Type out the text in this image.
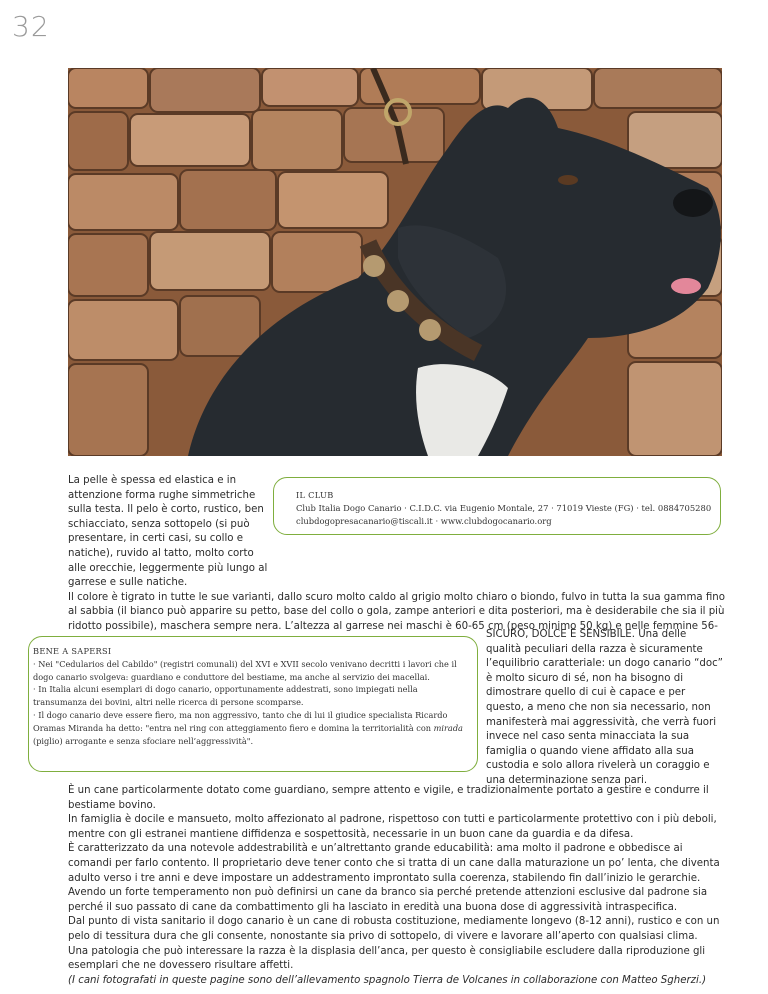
32

La pelle è spessa ed elastica e in attenzione forma rughe simmetriche sulla testa. Il pelo è corto, rustico, ben schiacciato, senza sottopelo (si può presentare, in certi casi, su collo e natiche), ruvido al tatto, molto corto alle orecchie, leggermente più lungo al garrese e sulle natiche.
Il colore è tigrato in tutte le sue varianti, dallo scuro molto caldo al grigio molto chiaro o biondo, fulvo in tutta la sua gamma fino al sabbia (il bianco può apparire su petto, base del collo o gola, zampe anteriori e dita posteriori, ma è desiderabile che sia il più ridotto possibile), maschera sempre nera. L’altezza al garrese nei maschi è 60-65 cm (peso minimo 50 kg) e nelle femmine 56-

IL CLUB
Club Italia Dogo Canario · C.I.D.C. via Eugenio Montale, 27 · 71019 Vieste (FG) · tel. 0884705280
clubdogopresacanario@tiscali.it · www.clubdogocanario.org

BENE A SAPERSI

· Nei "Cedularios del Cabildo" (registri comunali) del XVI e XVII secolo venivano decritti i lavori che il dogo canario svolgeva: guardiano e conduttore del bestiame, ma anche al servizio dei macellai.

· In Italia alcuni esemplari di dogo canario, opportunamente addestrati, sono impiegati nella transumanza dei bovini, altri nelle ricerca di persone scomparse.

· Il dogo canario deve essere fiero, ma non aggressivo, tanto che di lui il giudice specialista Ricardo Oramas Miranda ha detto: "entra nel ring con atteggiamento fiero e domina la territorialità con mirada (piglio) arrogante e senza sfociare nell’aggressività".

SICURO, DOLCE E SENSIBILE. Una delle qualità peculiari della razza è sicuramente l’equilibrio caratteriale: un dogo canario “doc” è molto sicuro di sé, non ha bisogno di dimostrare quello di cui è capace e per questo, a meno che non sia necessario, non manifesterà mai aggressività, che verrà fuori invece nel caso senta minacciata la sua famiglia o quando viene affidato alla sua custodia e solo allora rivelerà un coraggio e una determinazione senza pari.

È un cane particolarmente dotato come guardiano, sempre attento e vigile, e tradizionalmente portato a gestire e condurre il bestiame bovino.

In famiglia è docile e mansueto, molto affezionato al padrone, rispettoso con tutti e particolarmente protettivo con i più deboli, mentre con gli estranei mantiene diffidenza e sospettosità, necessarie in un buon cane da guardia e da difesa.

È caratterizzato da una notevole addestrabilità e un’altrettanto grande educabilità: ama molto il padrone e obbedisce ai comandi per farlo contento. Il proprietario deve tener conto che si tratta di un cane dalla maturazione un po’ lenta, che diventa adulto verso i tre anni e deve impostare un addestramento improntato sulla coerenza, stabilendo fin dall’inizio le gerarchie.

Avendo un forte temperamento non può definirsi un cane da branco sia perché pretende attenzioni esclusive dal padrone sia perché il suo passato di cane da combattimento gli ha lasciato in eredità una buona dose di aggressività intraspecifica.

Dal punto di vista sanitario il dogo canario è un cane di robusta costituzione, mediamente longevo (8-12 anni), rustico e con un pelo di tessitura dura che gli consente, nonostante sia privo di sottopelo, di vivere e lavorare all’aperto con qualsiasi clima.

Una patologia che può interessare la razza è la displasia dell’anca, per questo è consigliabile escludere dalla riproduzione gli esemplari che ne dovessero risultare affetti.

(I cani fotografati in queste pagine sono dell’allevamento spagnolo Tierra de Volcanes in collaborazione con Matteo Sgherzi.)
